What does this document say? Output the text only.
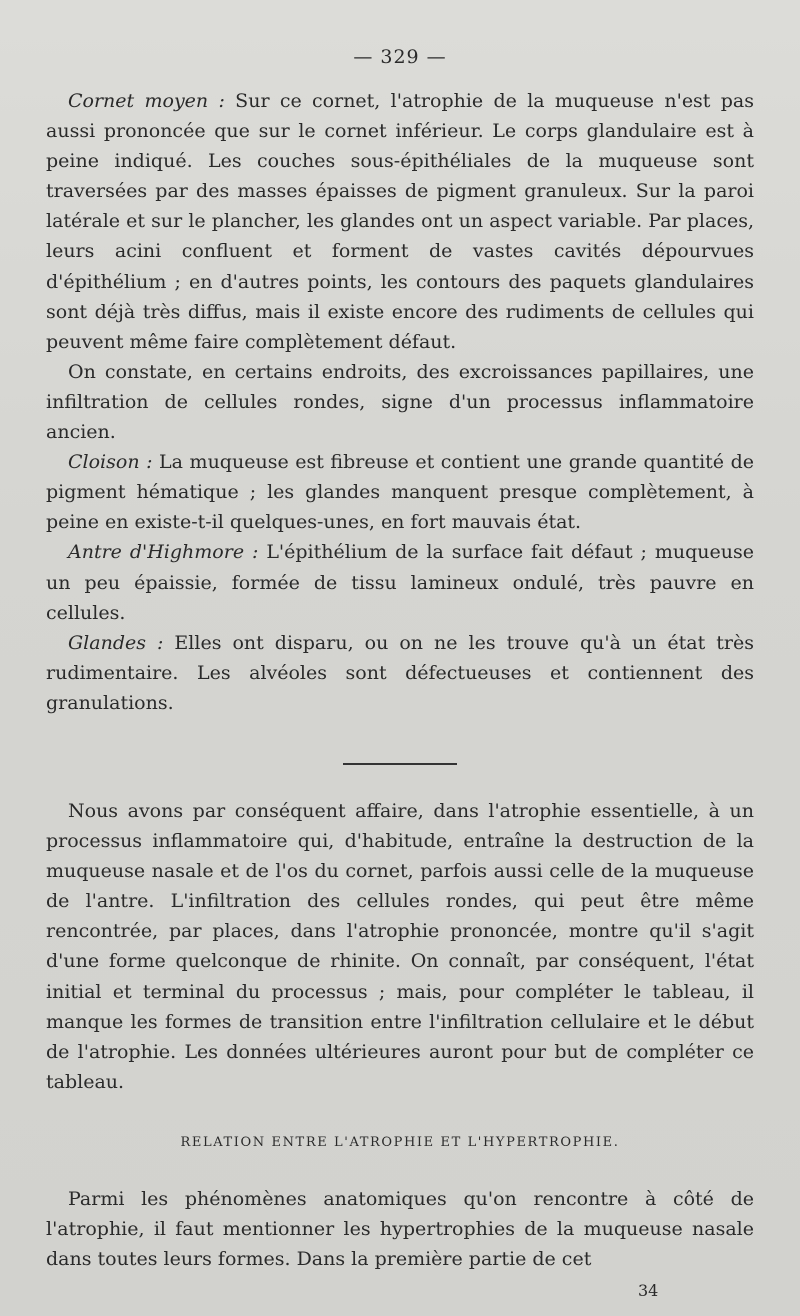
— 329 —

Cornet moyen : Sur ce cornet, l'atrophie de la muqueuse n'est pas aussi prononcée que sur le cornet inférieur. Le corps glandulaire est à peine indiqué. Les couches sous-épithéliales de la muqueuse sont traversées par des masses épaisses de pigment granuleux. Sur la paroi latérale et sur le plancher, les glandes ont un aspect variable. Par places, leurs acini confluent et forment de vastes cavités dépourvues d'épithélium ; en d'autres points, les contours des paquets glandulaires sont déjà très diffus, mais il existe encore des rudiments de cellules qui peuvent même faire complètement défaut.

On constate, en certains endroits, des excroissances papillaires, une infiltration de cellules rondes, signe d'un processus inflammatoire ancien.

Cloison : La muqueuse est fibreuse et contient une grande quantité de pigment hématique ; les glandes manquent presque complètement, à peine en existe-t-il quelques-unes, en fort mauvais état.

Antre d'Highmore : L'épithélium de la surface fait défaut ; muqueuse un peu épaissie, formée de tissu lamineux ondulé, très pauvre en cellules.

Glandes : Elles ont disparu, ou on ne les trouve qu'à un état très rudimentaire. Les alvéoles sont défectueuses et contiennent des granulations.

Nous avons par conséquent affaire, dans l'atrophie essentielle, à un processus inflammatoire qui, d'habitude, entraîne la destruction de la muqueuse nasale et de l'os du cornet, parfois aussi celle de la muqueuse de l'antre. L'infiltration des cellules rondes, qui peut être même rencontrée, par places, dans l'atrophie prononcée, montre qu'il s'agit d'une forme quelconque de rhinite. On connaît, par conséquent, l'état initial et terminal du processus ; mais, pour compléter le tableau, il manque les formes de transition entre l'infiltration cellulaire et le début de l'atrophie. Les données ultérieures auront pour but de compléter ce tableau.

RELATION ENTRE L'ATROPHIE ET L'HYPERTROPHIE.

Parmi les phénomènes anatomiques qu'on rencontre à côté de l'atrophie, il faut mentionner les hypertrophies de la muqueuse nasale dans toutes leurs formes. Dans la première partie de cet

34
